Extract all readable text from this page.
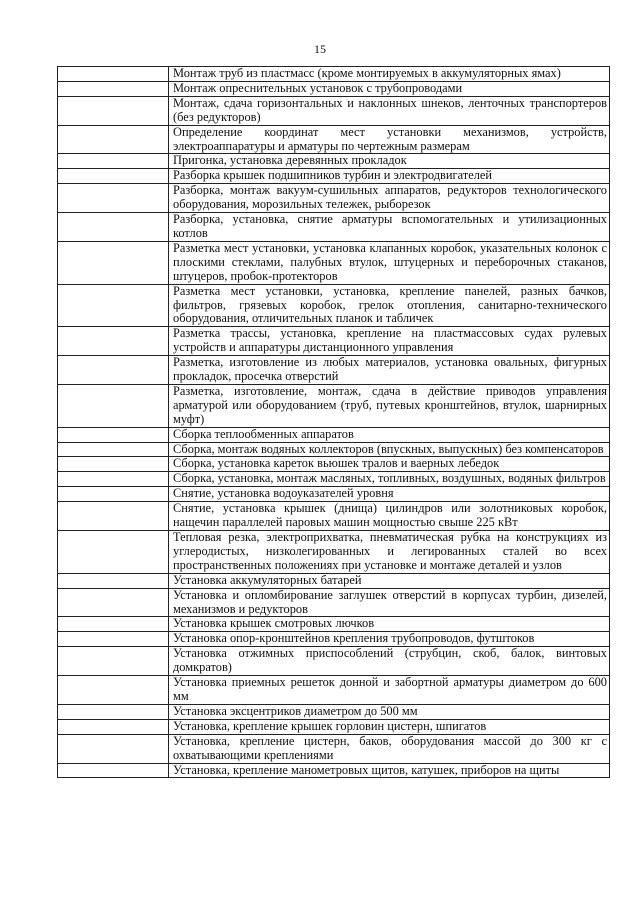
15
	Монтаж труб из пластмасс (кроме монтируемых в аккумуляторных ямах)
	Монтаж опреснительных установок с трубопроводами
	Монтаж, сдача горизонтальных и наклонных шнеков, ленточных транспортеров (без редукторов)
	Определение координат мест установки механизмов, устройств, электроаппаратуры и арматуры по чертежным размерам
	Пригонка, установка деревянных прокладок
	Разборка крышек подшипников турбин и электродвигателей
	Разборка, монтаж вакуум-сушильных аппаратов, редукторов технологического оборудования, морозильных тележек, рыборезок
	Разборка, установка, снятие арматуры вспомогательных и утилизационных котлов
	Разметка мест установки, установка клапанных коробок, указательных колонок с плоскими стеклами, палубных втулок, штуцерных и переборочных стаканов, штуцеров, пробок-протекторов
	Разметка мест установки, установка, крепление панелей, разных бачков, фильтров, грязевых коробок, грелок отопления, санитарно-технического оборудования, отличительных планок и табличек
	Разметка трассы, установка, крепление на пластмассовых судах рулевых устройств и аппаратуры дистанционного управления
	Разметка, изготовление из любых материалов, установка овальных, фигурных прокладок, просечка отверстий
	Разметка, изготовление, монтаж, сдача в действие приводов управления арматурой или оборудованием (труб, путевых кронштейнов, втулок, шарнирных муфт)
	Сборка теплообменных аппаратов
	Сборка, монтаж водяных коллекторов (впускных, выпускных) без компенсаторов
	Сборка, установка кареток вьюшек тралов и ваерных лебедок
	Сборка, установка, монтаж масляных, топливных, воздушных, водяных фильтров
	Снятие, установка водоуказателей уровня
	Снятие, установка крышек (днища) цилиндров или золотниковых коробок, нащечин параллелей паровых машин мощностью свыше 225 кВт
	Тепловая резка, электроприхватка, пневматическая рубка на конструкциях из углеродистых, низколегированных и легированных сталей во всех пространственных положениях при установке и монтаже деталей и узлов
	Установка аккумуляторных батарей
	Установка и опломбирование заглушек отверстий в корпусах турбин, дизелей, механизмов и редукторов
	Установка крышек смотровых лючков
	Установка опор-кронштейнов крепления трубопроводов, футштоков
	Установка отжимных приспособлений (струбцин, скоб, балок, винтовых домкратов)
	Установка приемных решеток донной и забортной арматуры диаметром до 600 мм
	Установка эксцентриков диаметром до 500 мм
	Установка, крепление крышек горловин цистерн, шпигатов
	Установка, крепление цистерн, баков, оборудования массой до 300 кг с охватывающими креплениями
	Установка, крепление манометровых щитов, катушек, приборов на щиты
